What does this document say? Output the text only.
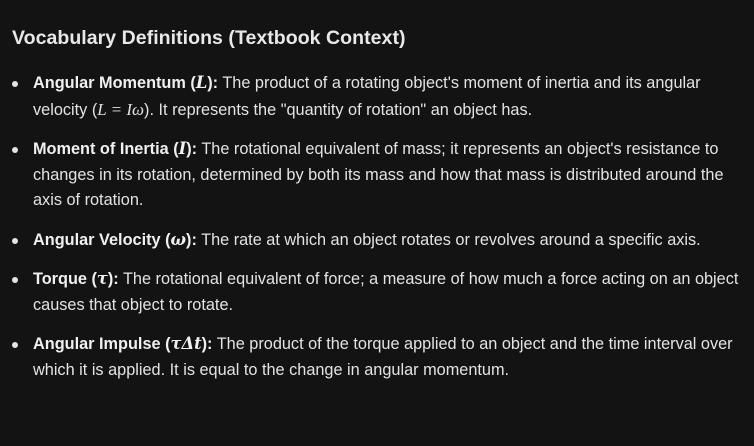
Vocabulary Definitions (Textbook Context)
Angular Momentum (L): The product of a rotating object's moment of inertia and its angular velocity (L = Iω). It represents the "quantity of rotation" an object has.
Moment of Inertia (I): The rotational equivalent of mass; it represents an object's resistance to changes in its rotation, determined by both its mass and how that mass is distributed around the axis of rotation.
Angular Velocity (ω): The rate at which an object rotates or revolves around a specific axis.
Torque (τ): The rotational equivalent of force; a measure of how much a force acting on an object causes that object to rotate.
Angular Impulse (τΔt): The product of the torque applied to an object and the time interval over which it is applied. It is equal to the change in angular momentum.
